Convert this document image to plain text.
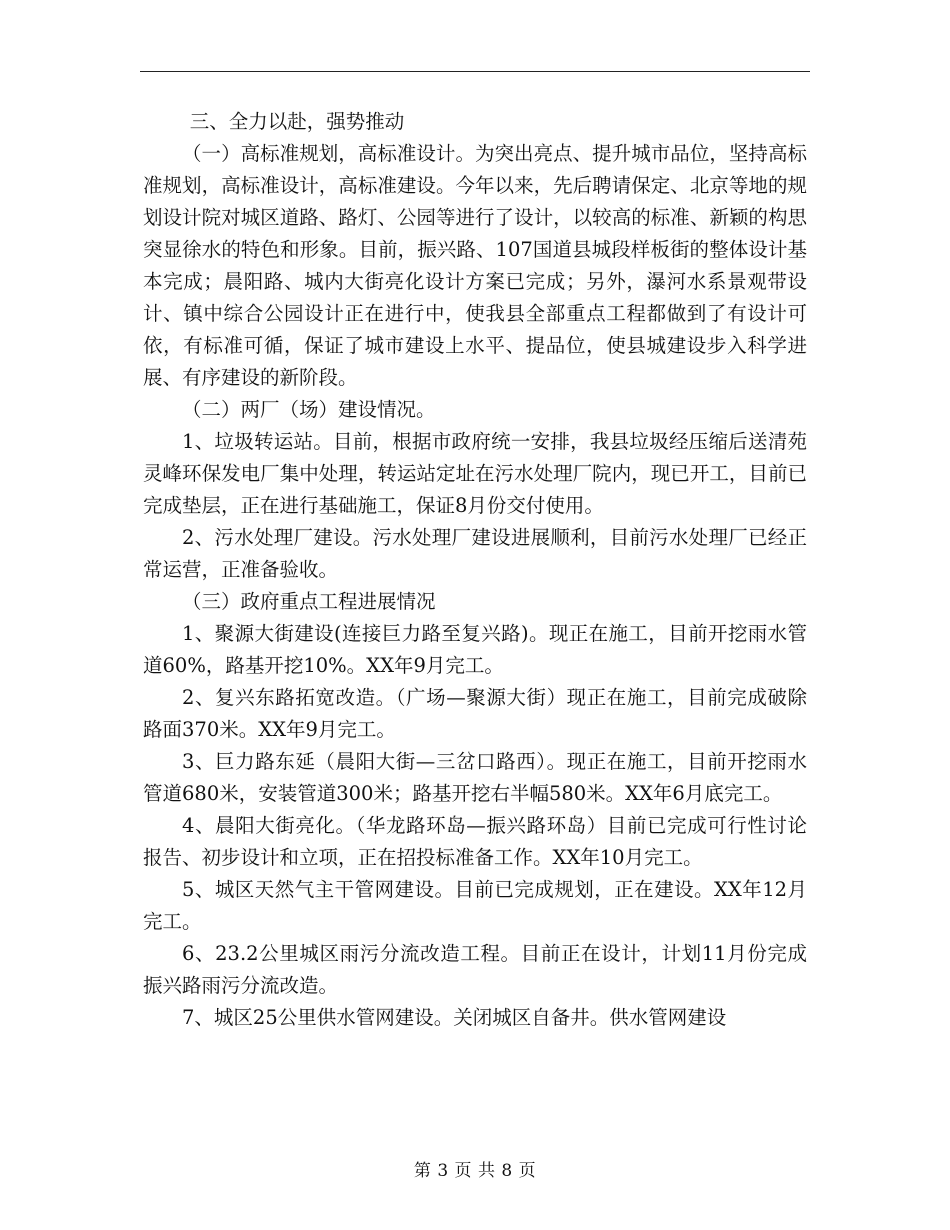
三、全力以赴，强势推动

（一）高标准规划，高标准设计。为突出亮点、提升城市品位，坚持高标准规划，高标准设计，高标准建设。今年以来，先后聘请保定、北京等地的规划设计院对城区道路、路灯、公园等进行了设计，以较高的标准、新颖的构思突显徐水的特色和形象。目前，振兴路、107国道县城段样板街的整体设计基本完成；晨阳路、城内大街亮化设计方案已完成；另外，瀑河水系景观带设计、镇中综合公园设计正在进行中，使我县全部重点工程都做到了有设计可依，有标准可循，保证了城市建设上水平、提品位，使县城建设步入科学进展、有序建设的新阶段。

（二）两厂（场）建设情况。

1、垃圾转运站。目前，根据市政府统一安排，我县垃圾经压缩后送清苑灵峰环保发电厂集中处理，转运站定址在污水处理厂院内，现已开工，目前已完成垫层，正在进行基础施工，保证8月份交付使用。

2、污水处理厂建设。污水处理厂建设进展顺利，目前污水处理厂已经正常运营，正准备验收。

（三）政府重点工程进展情况

1、聚源大街建设(连接巨力路至复兴路)。现正在施工，目前开挖雨水管道60%，路基开挖10%。XX年9月完工。

2、复兴东路拓宽改造。（广场—聚源大街）现正在施工，目前完成破除路面370米。XX年9月完工。

3、巨力路东延（晨阳大街—三岔口路西）。现正在施工，目前开挖雨水管道680米，安装管道300米；路基开挖右半幅580米。XX年6月底完工。

4、晨阳大街亮化。（华龙路环岛—振兴路环岛）目前已完成可行性讨论报告、初步设计和立项，正在招投标准备工作。XX年10月完工。

5、城区天然气主干管网建设。目前已完成规划，正在建设。XX年12月完工。

6、23.2公里城区雨污分流改造工程。目前正在设计，计划11月份完成振兴路雨污分流改造。

7、城区25公里供水管网建设。关闭城区自备井。供水管网建设

第 3 页 共 8 页
